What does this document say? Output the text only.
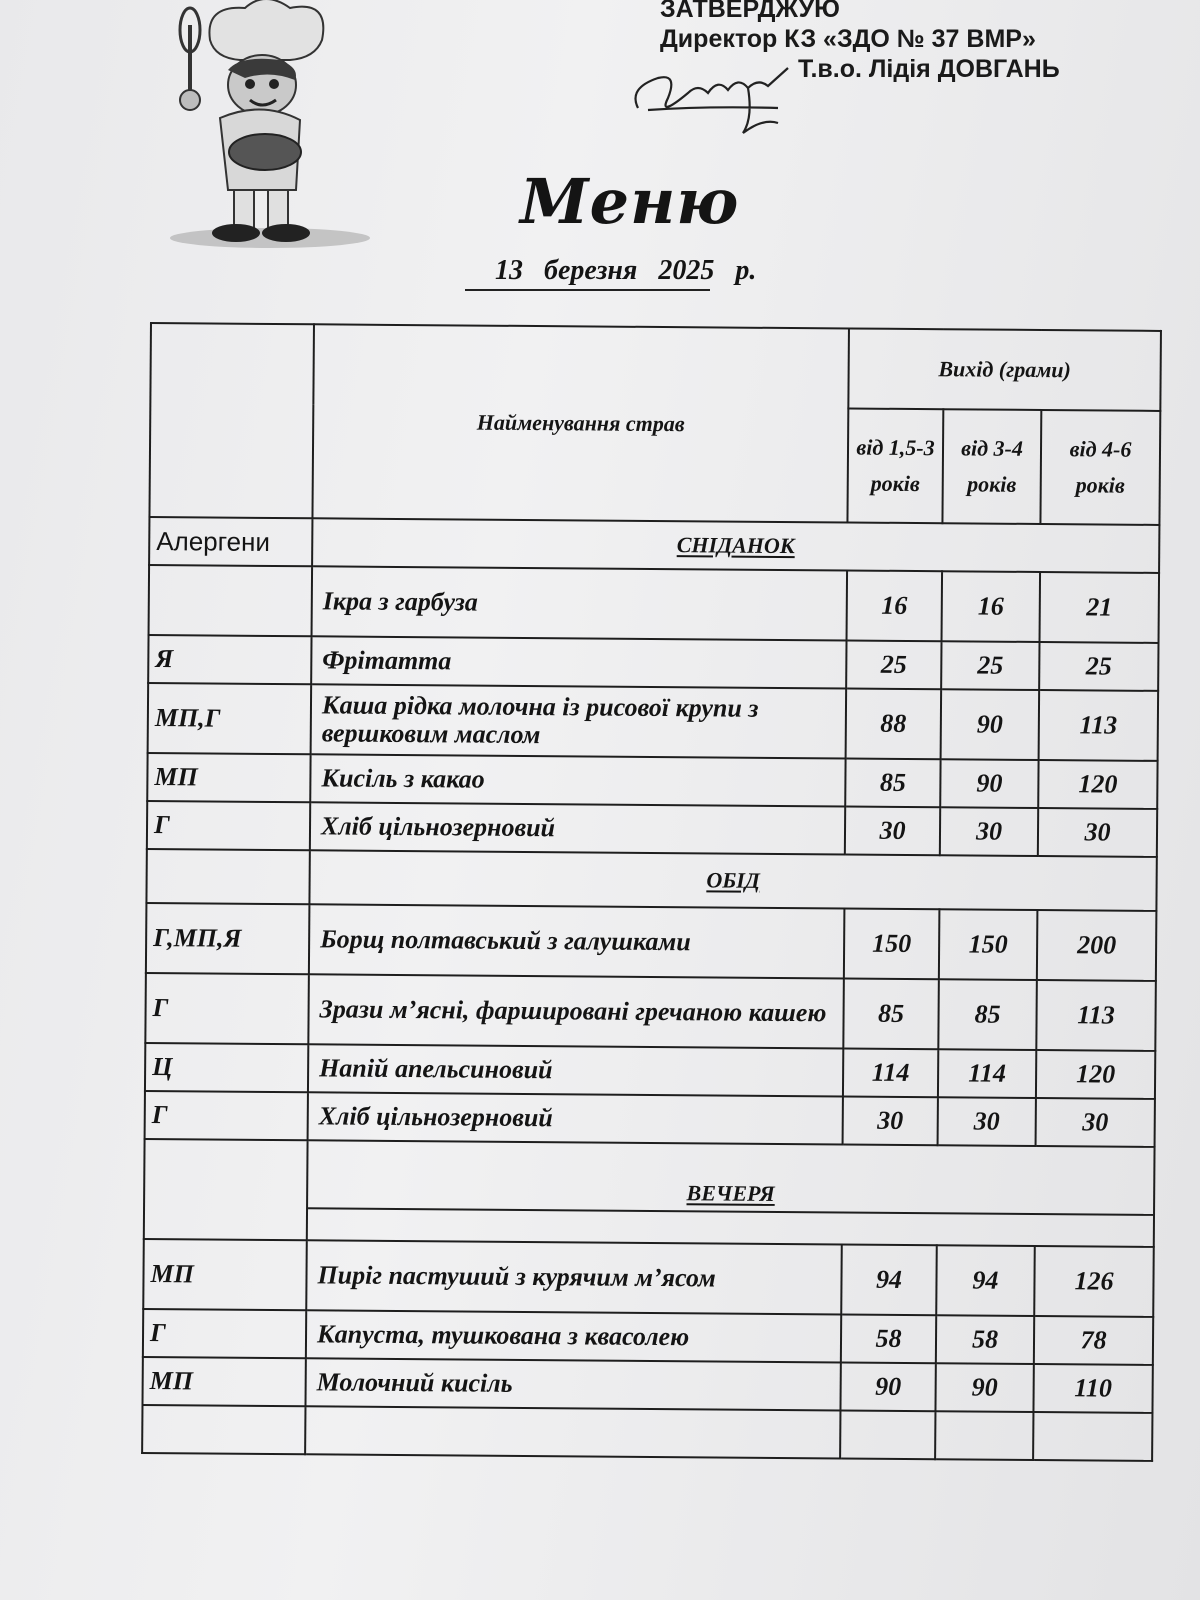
ЗАТВЕРДЖУЮ
Директор КЗ «ЗДО № 37 ВМР»
Т.в.о. Лідія ДОВГАНЬ
Меню
13 березня 2025 р.
	Найменування страв	Вихід (грами)		
		від 1,5-3 років	від 3-4 років	від 4-6 років
Алергени	СНІДАНОК			
	Ікра з гарбуза	16	16	21
Я	Фрітатта	25	25	25
МП,Г	Каша рідка молочна із рисової крупи з вершковим маслом	88	90	113
МП	Кисіль з какао	85	90	120
Г	Хліб цільнозерновий	30	30	30
	ОБІД			
Г,МП,Я	Борщ полтавський з галушками	150	150	200
Г	Зрази м’ясні, фаршировані гречаною кашею	85	85	113
Ц	Напій апельсиновий	114	114	120
Г	Хліб цільнозерновий	30	30	30
	ВЕЧЕРЯ			

МП	Пиріг пастуший з курячим м’ясом	94	94	126
Г	Капуста, тушкована з квасолею	58	58	78
МП	Молочний кисіль	90	90	110
